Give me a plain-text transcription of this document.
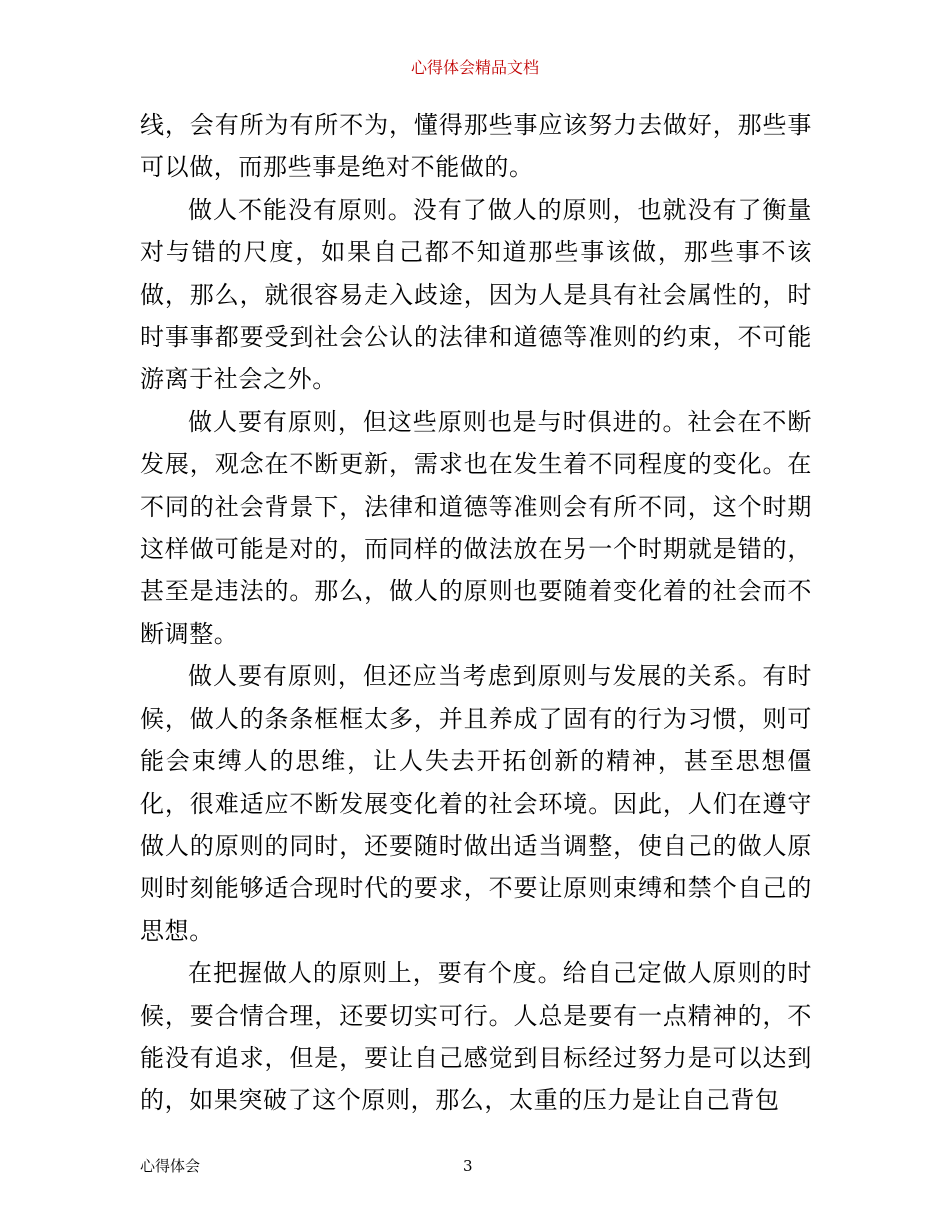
心得体会精品文档

线，会有所为有所不为，懂得那些事应该努力去做好，那些事可以做，而那些事是绝对不能做的。

做人不能没有原则。没有了做人的原则，也就没有了衡量对与错的尺度，如果自己都不知道那些事该做，那些事不该做，那么，就很容易走入歧途，因为人是具有社会属性的，时时事事都要受到社会公认的法律和道德等准则的约束，不可能游离于社会之外。

做人要有原则，但这些原则也是与时俱进的。社会在不断发展，观念在不断更新，需求也在发生着不同程度的变化。在不同的社会背景下，法律和道德等准则会有所不同，这个时期这样做可能是对的，而同样的做法放在另一个时期就是错的，甚至是违法的。那么，做人的原则也要随着变化着的社会而不断调整。

做人要有原则，但还应当考虑到原则与发展的关系。有时候，做人的条条框框太多，并且养成了固有的行为习惯，则可能会束缚人的思维，让人失去开拓创新的精神，甚至思想僵化，很难适应不断发展变化着的社会环境。因此，人们在遵守做人的原则的同时，还要随时做出适当调整，使自己的做人原则时刻能够适合现时代的要求，不要让原则束缚和禁个自己的思想。

在把握做人的原则上，要有个度。给自己定做人原则的时候，要合情合理，还要切实可行。人总是要有一点精神的，不能没有追求，但是，要让自己感觉到目标经过努力是可以达到的，如果突破了这个原则，那么，太重的压力是让自己背包

心得体会	3
